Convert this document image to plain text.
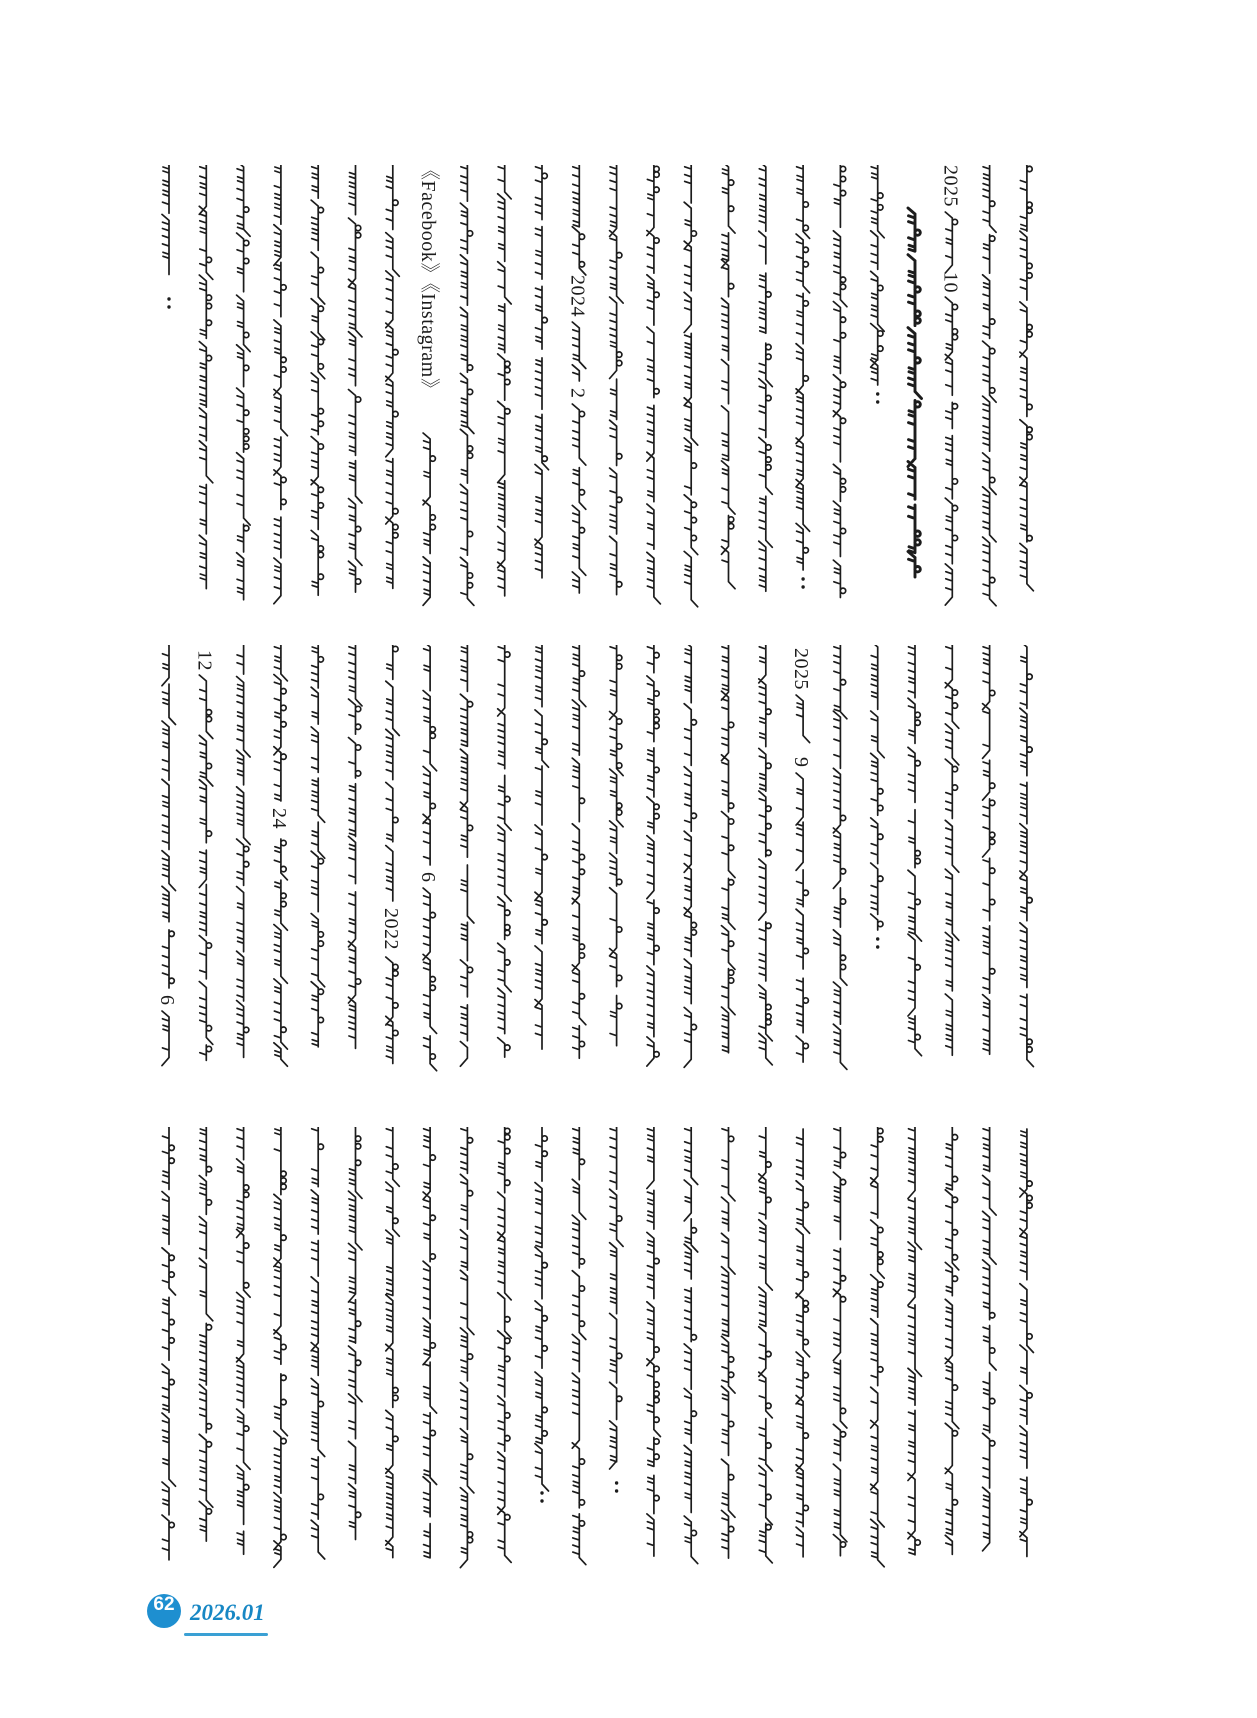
62 2026.01
《Facebook》《Instagram》	2024
2
2025
10
6
12
24
2022
6
2025
9
